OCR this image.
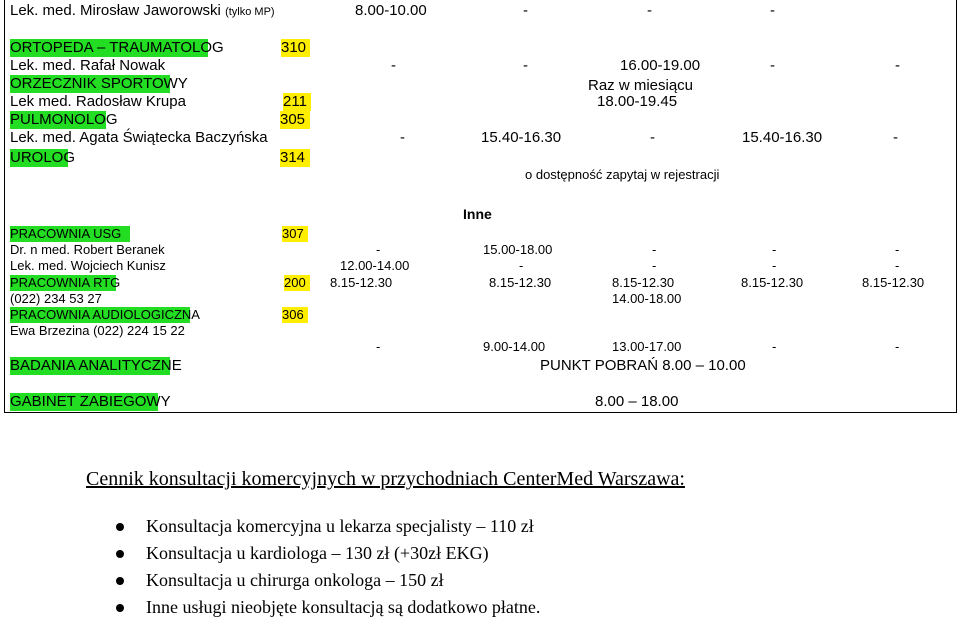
Lek. med. Mirosław Jaworowski (tylko MP)	8.00-10.00	-	-	-
ORTOPEDA – TRAUMATOLOG	310
Lek. med. Rafał Nowak	-	-	16.00-19.00	-	-
ORZECZNIK SPORTOWY	Raz w miesiącu
Lek med. Radosław Krupa	211	18.00-19.45
PULMONOLOG	305
Lek. med. Agata Świątecka Baczyńska	-	15.40-16.30	-	15.40-16.30	-
UROLOG	314
o dostępność zapytaj w rejestracji
Inne
PRACOWNIA USG	307
Dr. n med. Robert Beranek	-	15.00-18.00	-	-	-
Lek. med. Wojciech Kunisz	12.00-14.00	-	-	-	-
PRACOWNIA RTG	200	8.15-12.30	8.15-12.30	8.15-12.30	8.15-12.30	8.15-12.30
(022) 234 53 27	14.00-18.00
PRACOWNIA AUDIOLOGICZNA	306
Ewa Brzezina (022) 224 15 22
-	9.00-14.00	13.00-17.00	-	-
BADANIA ANALITYCZNE	PUNKT POBRAŃ 8.00 – 10.00
GABINET ZABIEGOWY	8.00 – 18.00
Cennik konsultacji komercyjnych w przychodniach CenterMed Warszawa:
Konsultacja komercyjna u lekarza specjalisty – 110 zł
Konsultacja u kardiologa – 130 zł (+30zł EKG)
Konsultacja u chirurga onkologa – 150 zł
Inne usługi nieobjęte konsultacją są dodatkowo płatne.
